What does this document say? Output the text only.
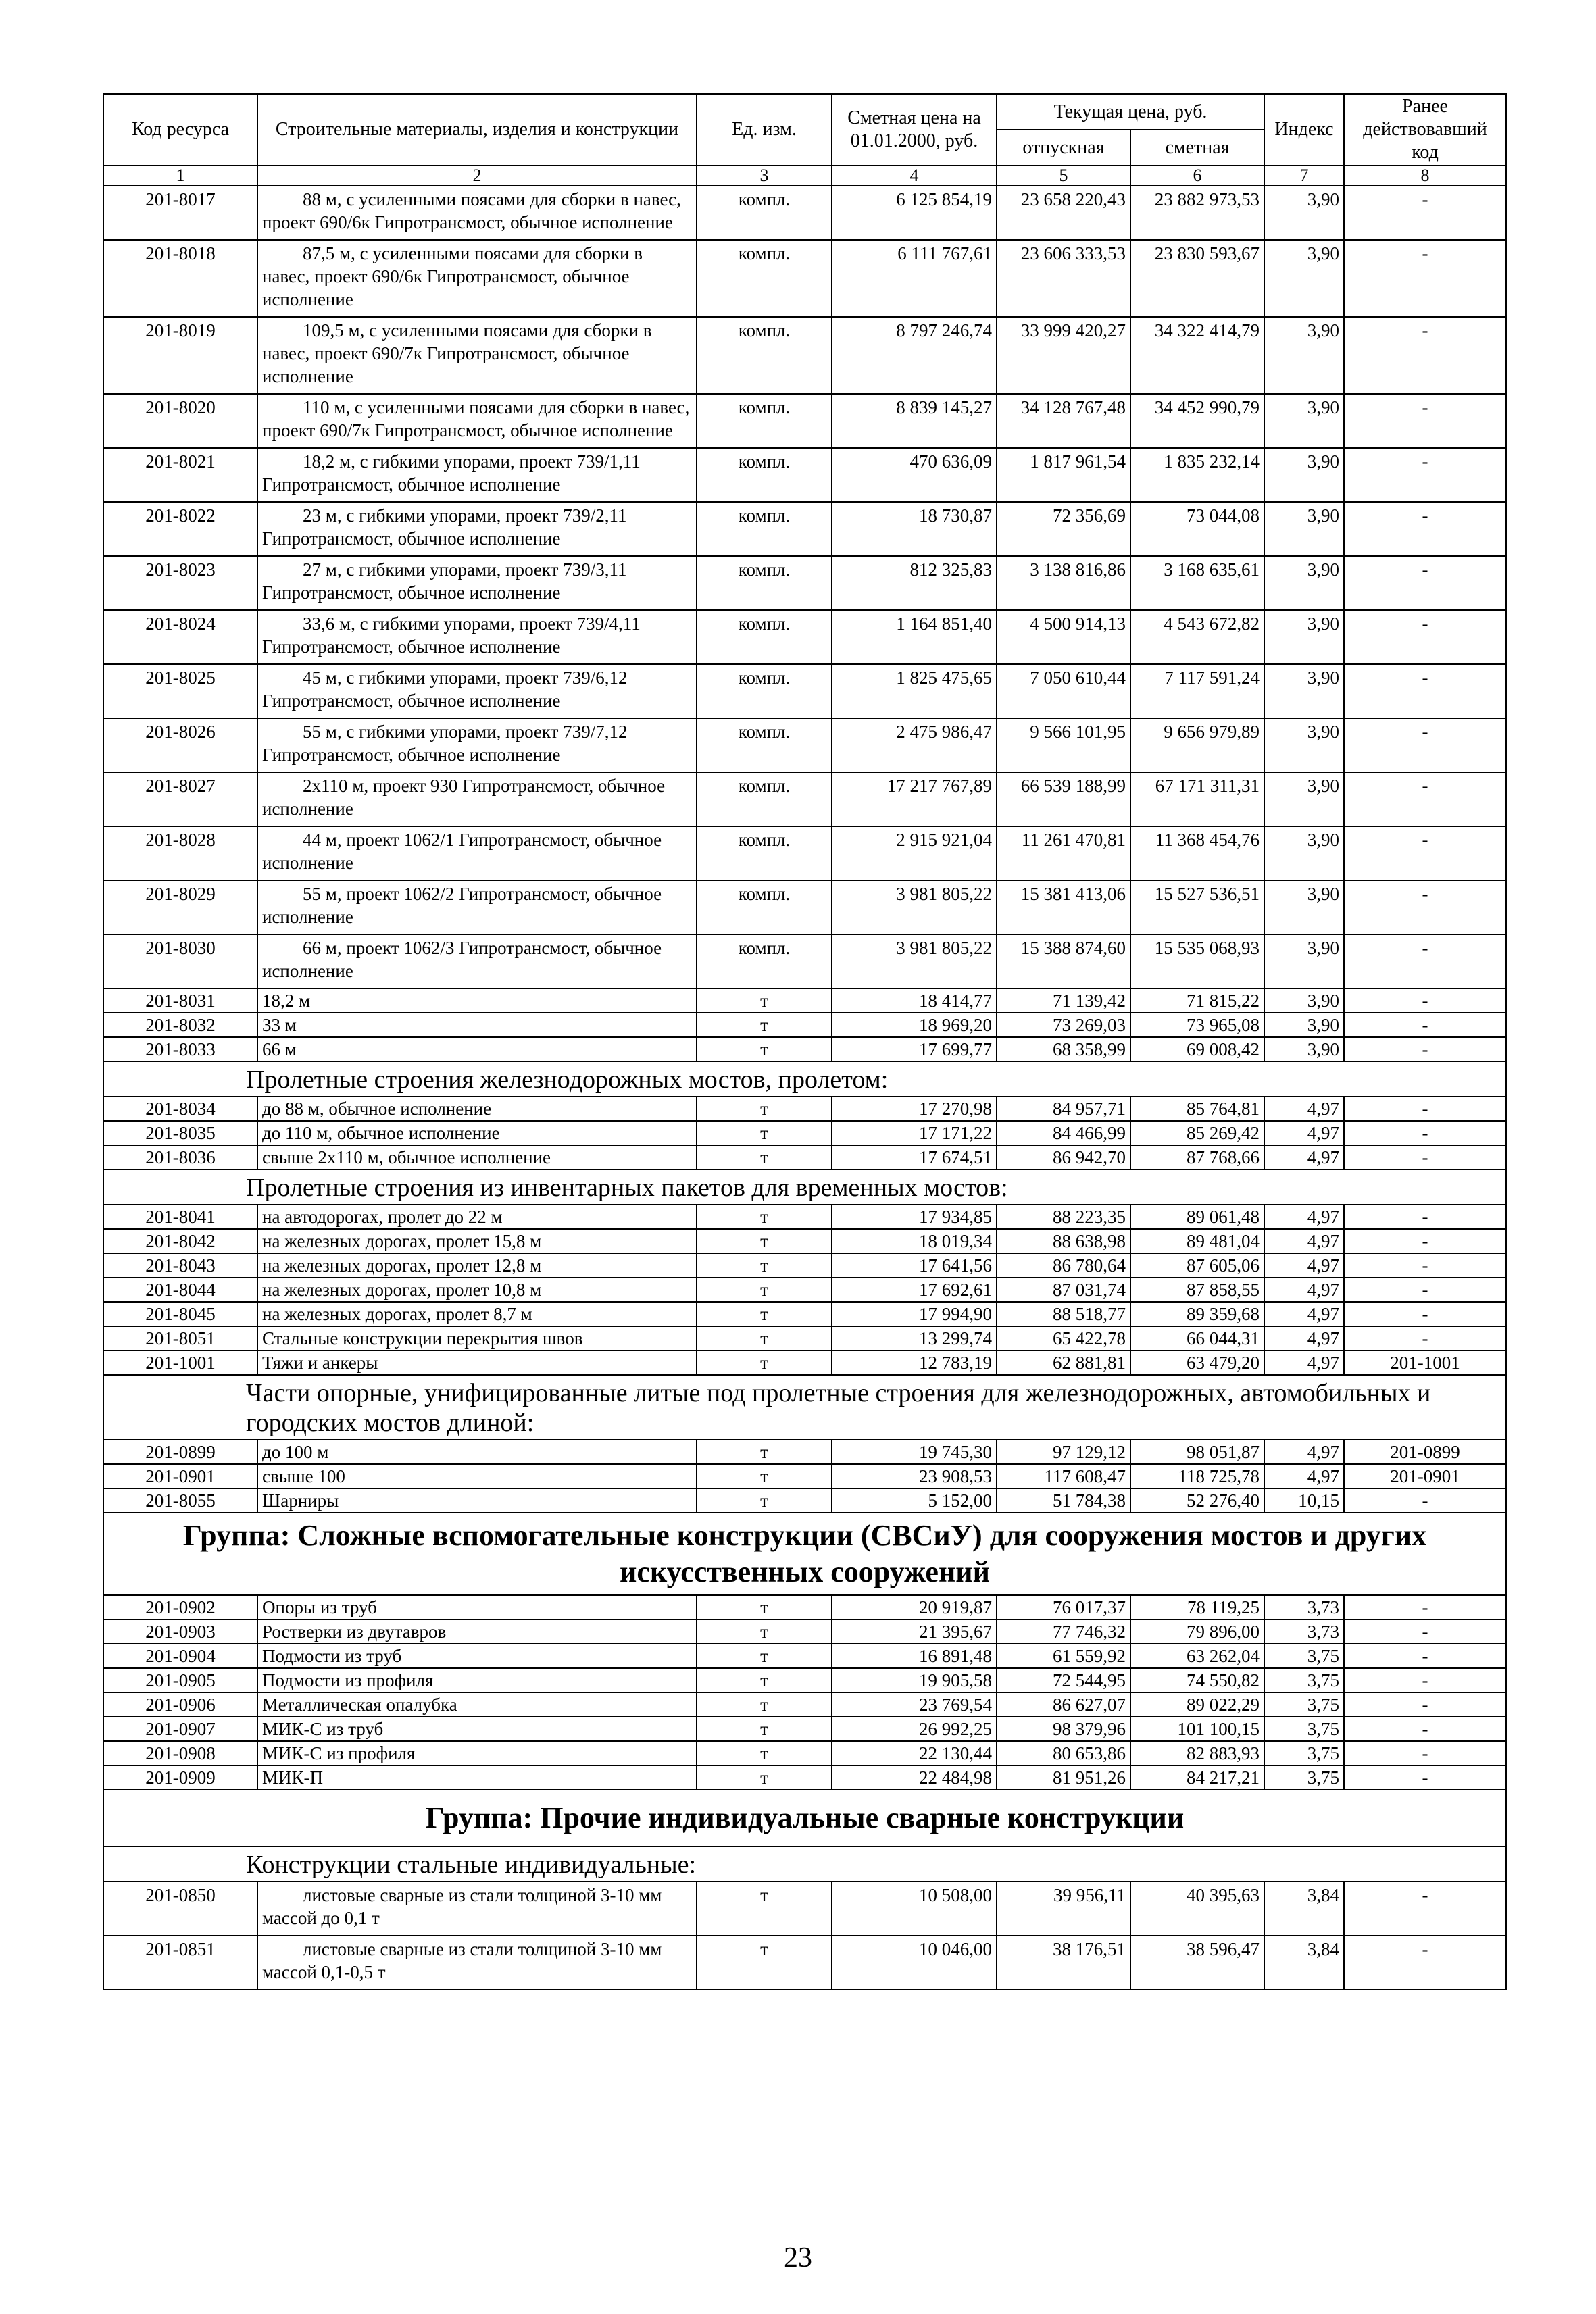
Код ресурса	Строительные материалы, изделия и конструкции	Ед. изм.	Сметная цена на 01.01.2000, руб.	Текущая цена, руб.		Индекс	Ранее действовавший код
				отпускная	сметная		
1	2	3	4	5	6	7	8
201-8017	88 м, с усиленными поясами для сборки в навес, проект 690/6к Гипротрансмост, обычное исполнение	компл.	6 125 854,19	23 658 220,43	23 882 973,53	3,90	-
201-8018	87,5 м, с усиленными поясами для сборки в навес, проект 690/6к Гипротрансмост, обычное исполнение	компл.	6 111 767,61	23 606 333,53	23 830 593,67	3,90	-
201-8019	109,5 м, с усиленными поясами для сборки в навес, проект 690/7к Гипротрансмост, обычное исполнение	компл.	8 797 246,74	33 999 420,27	34 322 414,79	3,90	-
201-8020	110 м, с усиленными поясами для сборки в навес, проект 690/7к Гипротрансмост, обычное исполнение	компл.	8 839 145,27	34 128 767,48	34 452 990,79	3,90	-
201-8021	18,2 м, с гибкими упорами, проект 739/1,11 Гипротрансмост, обычное исполнение	компл.	470 636,09	1 817 961,54	1 835 232,14	3,90	-
201-8022	23 м, с гибкими упорами, проект 739/2,11 Гипротрансмост, обычное исполнение	компл.	18 730,87	72 356,69	73 044,08	3,90	-
201-8023	27 м, с гибкими упорами, проект 739/3,11 Гипротрансмост, обычное исполнение	компл.	812 325,83	3 138 816,86	3 168 635,61	3,90	-
201-8024	33,6 м, с гибкими упорами, проект 739/4,11 Гипротрансмост, обычное исполнение	компл.	1 164 851,40	4 500 914,13	4 543 672,82	3,90	-
201-8025	45 м, с гибкими упорами, проект 739/6,12 Гипротрансмост, обычное исполнение	компл.	1 825 475,65	7 050 610,44	7 117 591,24	3,90	-
201-8026	55 м, с гибкими упорами, проект 739/7,12 Гипротрансмост, обычное исполнение	компл.	2 475 986,47	9 566 101,95	9 656 979,89	3,90	-
201-8027	2x110 м, проект 930 Гипротрансмост, обычное исполнение	компл.	17 217 767,89	66 539 188,99	67 171 311,31	3,90	-
201-8028	44 м, проект 1062/1 Гипротрансмост, обычное исполнение	компл.	2 915 921,04	11 261 470,81	11 368 454,76	3,90	-
201-8029	55 м, проект 1062/2 Гипротрансмост, обычное исполнение	компл.	3 981 805,22	15 381 413,06	15 527 536,51	3,90	-
201-8030	66 м, проект 1062/3 Гипротрансмост, обычное исполнение	компл.	3 981 805,22	15 388 874,60	15 535 068,93	3,90	-
201-8031	18,2 м	т	18 414,77	71 139,42	71 815,22	3,90	-
201-8032	33 м	т	18 969,20	73 269,03	73 965,08	3,90	-
201-8033	66 м	т	17 699,77	68 358,99	69 008,42	3,90	-
Пролетные строения железнодорожных мостов, пролетом:							
201-8034	до 88 м, обычное исполнение	т	17 270,98	84 957,71	85 764,81	4,97	-
201-8035	до 110 м, обычное исполнение	т	17 171,22	84 466,99	85 269,42	4,97	-
201-8036	свыше 2x110 м, обычное исполнение	т	17 674,51	86 942,70	87 768,66	4,97	-
Пролетные строения из инвентарных пакетов для временных мостов:							
201-8041	на автодорогах, пролет до 22 м	т	17 934,85	88 223,35	89 061,48	4,97	-
201-8042	на железных дорогах, пролет 15,8 м	т	18 019,34	88 638,98	89 481,04	4,97	-
201-8043	на железных дорогах, пролет 12,8 м	т	17 641,56	86 780,64	87 605,06	4,97	-
201-8044	на железных дорогах, пролет 10,8 м	т	17 692,61	87 031,74	87 858,55	4,97	-
201-8045	на железных дорогах, пролет 8,7 м	т	17 994,90	88 518,77	89 359,68	4,97	-
201-8051	Стальные конструкции перекрытия швов	т	13 299,74	65 422,78	66 044,31	4,97	-
201-1001	Тяжи и анкеры	т	12 783,19	62 881,81	63 479,20	4,97	201-1001
Части опорные, унифицированные литые под пролетные строения для железнодорожных, автомобильных и городских мостов длиной:							
201-0899	до 100 м	т	19 745,30	97 129,12	98 051,87	4,97	201-0899
201-0901	свыше 100	т	23 908,53	117 608,47	118 725,78	4,97	201-0901
201-8055	Шарниры	т	5 152,00	51 784,38	52 276,40	10,15	-
Группа: Сложные вспомогательные конструкции (СВСиУ) для сооружения мостов и других искусственных сооружений							
201-0902	Опоры из труб	т	20 919,87	76 017,37	78 119,25	3,73	-
201-0903	Ростверки из двутавров	т	21 395,67	77 746,32	79 896,00	3,73	-
201-0904	Подмости из труб	т	16 891,48	61 559,92	63 262,04	3,75	-
201-0905	Подмости из профиля	т	19 905,58	72 544,95	74 550,82	3,75	-
201-0906	Металлическая опалубка	т	23 769,54	86 627,07	89 022,29	3,75	-
201-0907	МИК-С из труб	т	26 992,25	98 379,96	101 100,15	3,75	-
201-0908	МИК-С из профиля	т	22 130,44	80 653,86	82 883,93	3,75	-
201-0909	МИК-П	т	22 484,98	81 951,26	84 217,21	3,75	-
Группа: Прочие индивидуальные сварные конструкции							
Конструкции стальные индивидуальные:							
201-0850	листовые сварные из стали толщиной 3-10 мм массой до 0,1 т	т	10 508,00	39 956,11	40 395,63	3,84	-
201-0851	листовые сварные из стали толщиной 3-10 мм массой 0,1-0,5 т	т	10 046,00	38 176,51	38 596,47	3,84	-
23
